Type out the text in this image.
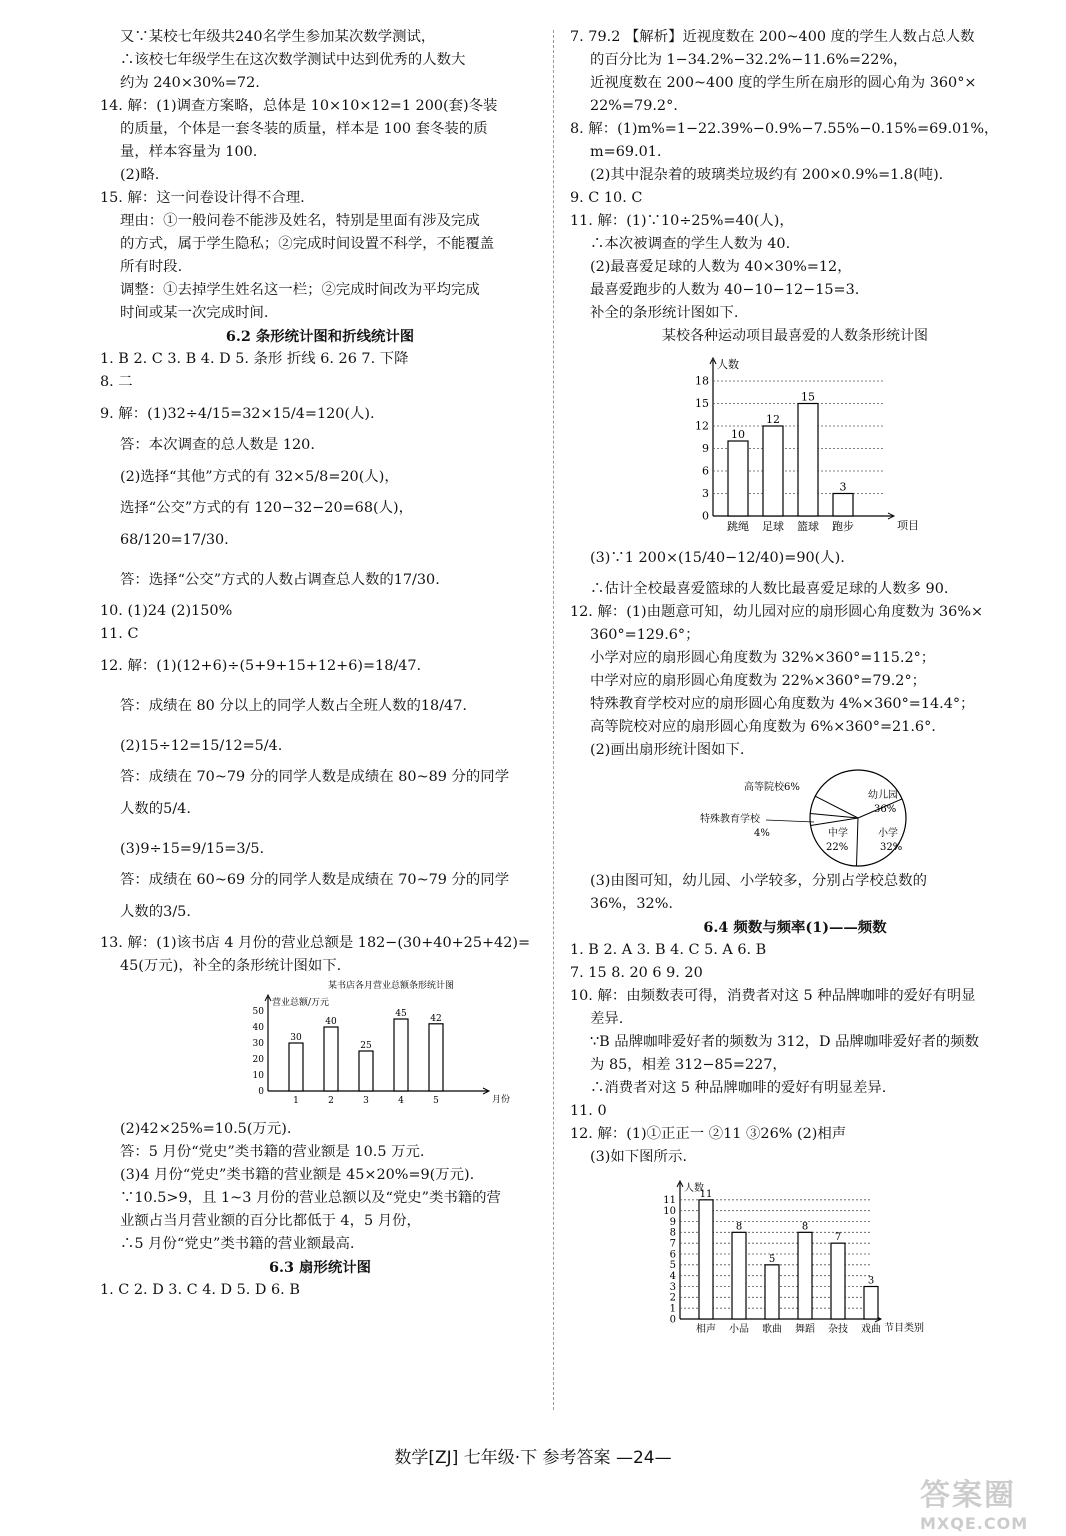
又∵某校七年级共240名学生参加某次数学测试，
∴该校七年级学生在这次数学测试中达到优秀的人数大
约为 240×30%=72.
14. 解：(1)调查方案略，总体是 10×10×12=1 200(套)冬装
的质量，个体是一套冬装的质量，样本是 100 套冬装的质
量，样本容量为 100.
(2)略.
15. 解：这一问卷设计得不合理.
理由：①一般问卷不能涉及姓名，特别是里面有涉及完成
的方式，属于学生隐私；②完成时间设置不科学，不能覆盖
所有时段.
调整：①去掉学生姓名这一栏；②完成时间改为平均完成
时间或某一次完成时间.
6.2 条形统计图和折线统计图
1. B 2. C 3. B 4. D 5. 条形 折线 6. 26 7. 下降
8. 二
9. 解：(1)32÷4/15=32×15/4=120(人).
答：本次调查的总人数是 120.
(2)选择“其他”方式的有 32×5/8=20(人)，
选择“公交”方式的有 120−32−20=68(人)，
68/120=17/30.
答：选择“公交”方式的人数占调查总人数的17/30.
10. (1)24 (2)150%
11. C
12. 解：(1)(12+6)÷(5+9+15+12+6)=18/47.
答：成绩在 80 分以上的同学人数占全班人数的18/47.
(2)15÷12=15/12=5/4.
答：成绩在 70~79 分的同学人数是成绩在 80~89 分的同学
人数的5/4.
(3)9÷15=9/15=3/5.
答：成绩在 60~69 分的同学人数是成绩在 70~79 分的同学
人数的3/5.
13. 解：(1)该书店 4 月份的营业总额是 182−(30+40+25+42)=
45(万元)，补全的条形统计图如下.
某书店各月营业总额条形统计图
营业总额/万元
月份
0
10
20
30
40
50
30
1
40
2
25
3
45
4
42
5
(2)42×25%=10.5(万元).
答：5 月份“党史”类书籍的营业额是 10.5 万元.
(3)4 月份“党史”类书籍的营业额是 45×20%=9(万元).
∵10.5>9，且 1~3 月份的营业总额以及“党史”类书籍的营
业额占当月营业额的百分比都低于 4，5 月份，
∴5 月份“党史”类书籍的营业额最高.
6.3 扇形统计图
1. C 2. D 3. C 4. D 5. D 6. B
7. 79.2 【解析】近视度数在 200~400 度的学生人数占总人数
的百分比为 1−34.2%−32.2%−11.6%=22%，
近视度数在 200~400 度的学生所在扇形的圆心角为 360°×
22%=79.2°.
8. 解：(1)m%=1−22.39%−0.9%−7.55%−0.15%=69.01%，
m=69.01.
(2)其中混杂着的玻璃类垃圾约有 200×0.9%=1.8(吨).
9. C 10. C
11. 解：(1)∵10÷25%=40(人)，
∴本次被调查的学生人数为 40.
(2)最喜爱足球的人数为 40×30%=12，
最喜爱跑步的人数为 40−10−12−15=3.
补全的条形统计图如下.
某校各种运动项目最喜爱的人数条形统计图
人数
项目
0
3
6
9
12
15
18
10
跳绳
12
足球
15
篮球
3
跑步
(3)∵1 200×(15/40−12/40)=90(人).
∴估计全校最喜爱篮球的人数比最喜爱足球的人数多 90.
12. 解：(1)由题意可知，幼儿园对应的扇形圆心角度数为 36%×
360°=129.6°；
小学对应的扇形圆心角度数为 32%×360°=115.2°；
中学对应的扇形圆心角度数为 22%×360°=79.2°；
特殊教育学校对应的扇形圆心角度数为 4%×360°=14.4°；
高等院校对应的扇形圆心角度数为 6%×360°=21.6°.
(2)画出扇形统计图如下.
幼儿园
36%
小学
32%
中学
22%
特殊教育学校
4%
高等院校6%
(3)由图可知，幼儿园、小学较多，分别占学校总数的
36%，32%.
6.4 频数与频率(1)——频数
1. B 2. A 3. B 4. C 5. A 6. B
7. 15 8. 20 6 9. 20
10. 解：由频数表可得，消费者对这 5 种品牌咖啡的爱好有明显
差异.
∵B 品牌咖啡爱好者的频数为 312，D 品牌咖啡爱好者的频数
为 85，相差 312−85=227，
∴消费者对这 5 种品牌咖啡的爱好有明显差异.
11. 0
12. 解：(1)①正正一 ②11 ③26% (2)相声
(3)如下图所示.
人数
节目类别
0
1
2
3
4
5
6
7
8
9
10
11
11
相声
8
小品
5
歌曲
8
舞蹈
7
杂技
3
戏曲
数学[ZJ] 七年级·下 参考答案 —24—
答案圈
MXQE.COM
